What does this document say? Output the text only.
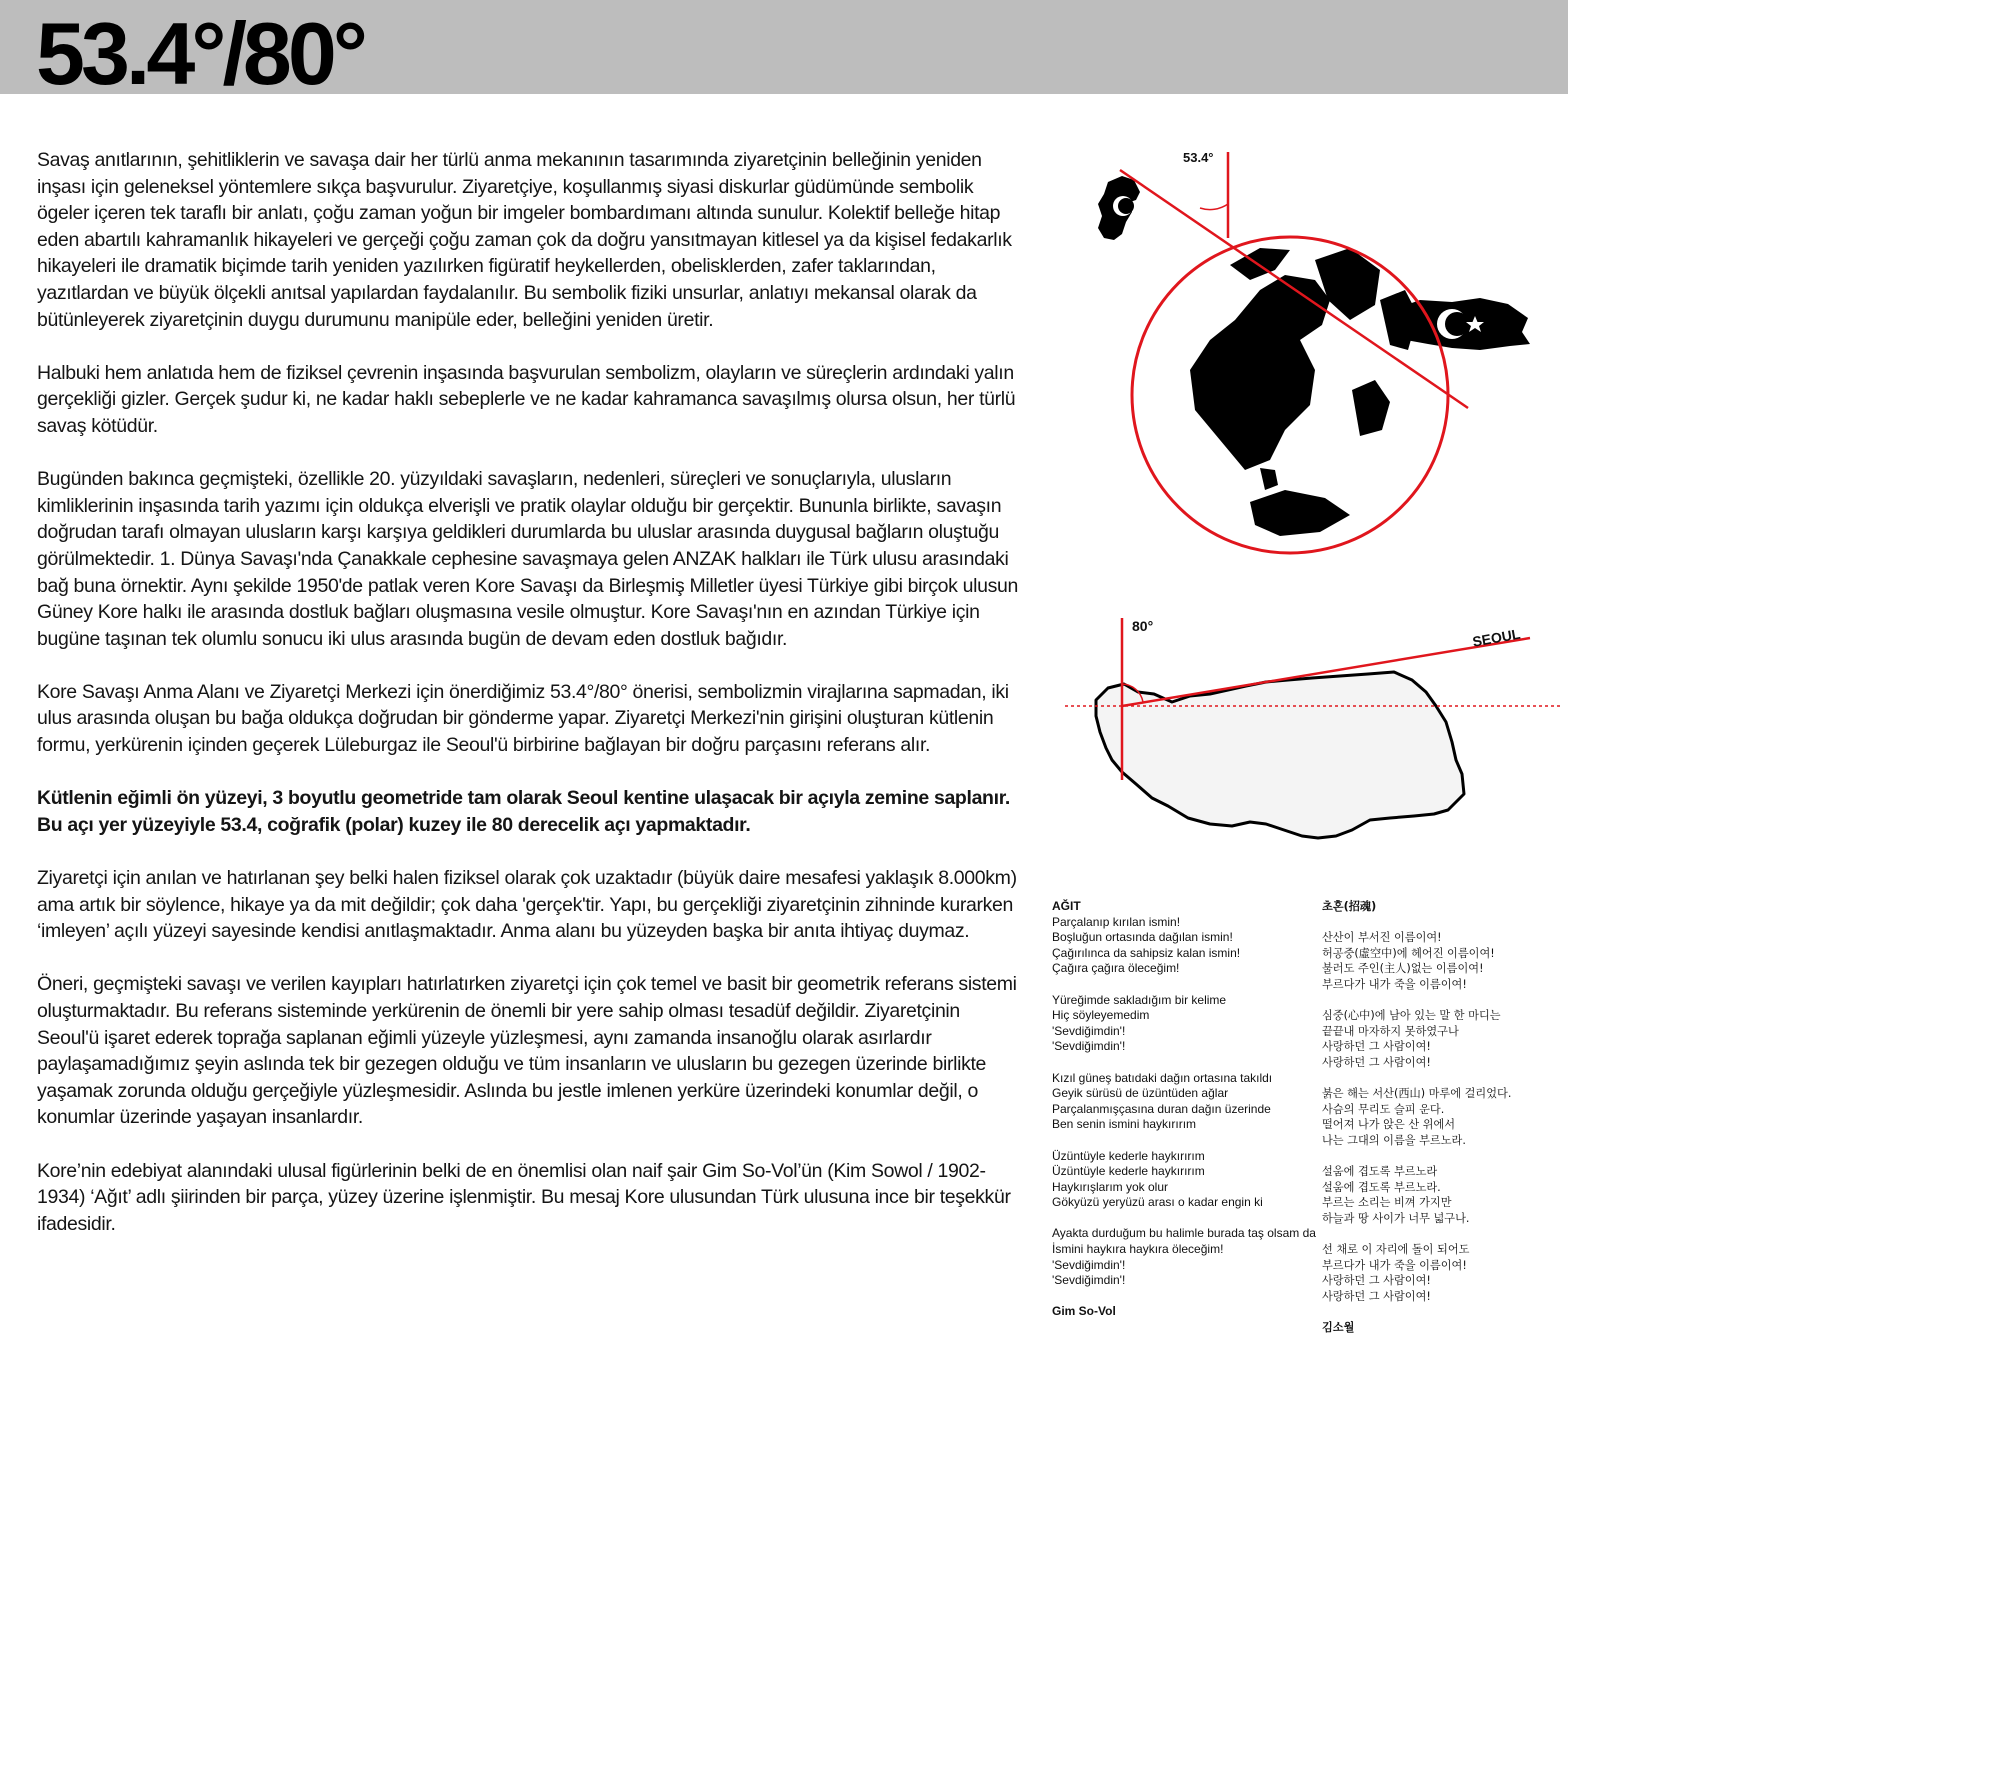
53.4°/80°

Savaş anıtlarının, şehitliklerin ve savaşa dair her türlü anma mekanının tasarımında ziyaretçinin belleğinin yeniden inşası için geleneksel yöntemlere sıkça başvurulur. Ziyaretçiye, koşullanmış siyasi diskurlar güdümünde sembolik ögeler içeren tek taraflı bir anlatı, çoğu zaman yoğun bir imgeler bombardımanı altında sunulur. Kolektif belleğe hitap eden abartılı kahramanlık hikayeleri ve gerçeği çoğu zaman çok da doğru yansıtmayan kitlesel ya da kişisel fedakarlık hikayeleri ile dramatik biçimde tarih yeniden yazılırken figüratif heykellerden, obelisklerden, zafer taklarından, yazıtlardan ve büyük ölçekli anıtsal yapılardan faydalanılır. Bu sembolik fiziki unsurlar, anlatıyı mekansal olarak da bütünleyerek ziyaretçinin duygu durumunu manipüle eder, belleğini yeniden üretir.

Halbuki hem anlatıda hem de fiziksel çevrenin inşasında başvurulan sembolizm, olayların ve süreçlerin ardındaki yalın gerçekliği gizler. Gerçek şudur ki, ne kadar haklı sebeplerle ve ne kadar kahramanca savaşılmış olursa olsun, her türlü savaş kötüdür.

Bugünden bakınca geçmişteki, özellikle 20. yüzyıldaki savaşların, nedenleri, süreçleri ve sonuçlarıyla, ulusların kimliklerinin inşasında tarih yazımı için oldukça elverişli ve pratik olaylar olduğu bir gerçektir. Bununla birlikte, savaşın doğrudan tarafı olmayan ulusların karşı karşıya geldikleri durumlarda bu uluslar arasında duygusal bağların oluştuğu görülmektedir. 1. Dünya Savaşı'nda Çanakkale cephesine savaşmaya gelen ANZAK halkları ile Türk ulusu arasındaki bağ buna örnektir. Aynı şekilde 1950'de patlak veren Kore Savaşı da Birleşmiş Milletler üyesi Türkiye gibi birçok ulusun Güney Kore halkı ile arasında dostluk bağları oluşmasına vesile olmuştur. Kore Savaşı'nın en azından Türkiye için bugüne taşınan tek olumlu sonucu iki ulus arasında bugün de devam eden dostluk bağıdır.

Kore Savaşı Anma Alanı ve Ziyaretçi Merkezi için önerdiğimiz 53.4°/80° önerisi, sembolizmin virajlarına sapmadan, iki ulus arasında oluşan bu bağa oldukça doğrudan bir gönderme yapar. Ziyaretçi Merkezi'nin girişini oluşturan kütlenin formu, yerkürenin içinden geçerek Lüleburgaz ile Seoul'ü birbirine bağlayan bir doğru parçasını referans alır.

Kütlenin eğimli ön yüzeyi, 3 boyutlu geometride tam olarak Seoul kentine ulaşacak bir açıyla zemine saplanır. Bu açı yer yüzeyiyle 53.4, coğrafik (polar) kuzey ile 80 derecelik açı yapmaktadır.

Ziyaretçi için anılan ve hatırlanan şey belki halen fiziksel olarak çok uzaktadır (büyük daire mesafesi yaklaşık 8.000km) ama artık bir söylence, hikaye ya da mit değildir; çok daha 'gerçek'tir. Yapı, bu gerçekliği ziyaretçinin zihninde kurarken ‘imleyen’ açılı yüzeyi sayesinde kendisi anıtlaşmaktadır. Anma alanı bu yüzeyden başka bir anıta ihtiyaç duymaz.

Öneri, geçmişteki savaşı ve verilen kayıpları hatırlatırken ziyaretçi için çok temel ve basit bir geometrik referans sistemi oluşturmaktadır. Bu referans sisteminde yerkürenin de önemli bir yere sahip olması tesadüf değildir. Ziyaretçinin Seoul'ü işaret ederek toprağa saplanan eğimli yüzeyle yüzleşmesi, aynı zamanda insanoğlu olarak asırlardır paylaşamadığımız şeyin aslında tek bir gezegen olduğu ve tüm insanların ve ulusların bu gezegen üzerinde birlikte yaşamak zorunda olduğu gerçeğiyle yüzleşmesidir. Aslında bu jestle imlenen yerküre üzerindeki konumlar değil, o konumlar üzerinde yaşayan insanlardır.

Kore’nin edebiyat alanındaki ulusal figürlerinin belki de en önemlisi olan naif şair Gim So-Vol’ün (Kim Sowol / 1902-1934) ‘Ağıt’ adlı şiirinden bir parça, yüzey üzerine işlenmiştir. Bu mesaj Kore ulusundan Türk ulusuna ince bir teşekkür ifadesidir.

53.4°
80°	SEOUL
AĞIT
Parçalanıp kırılan ismin!
Boşluğun ortasında dağılan ismin!
Çağırılınca da sahipsiz kalan ismin!
Çağıra çağıra öleceğim!
Yüreğimde sakladığım bir kelime
Hiç söyleyemedim
'Sevdiğimdin'!
'Sevdiğimdin'!
Kızıl güneş batıdaki dağın ortasına takıldı
Geyik sürüsü de üzüntüden ağlar
Parçalanmışçasına duran dağın üzerinde
Ben senin ismini haykırırım
Üzüntüyle kederle haykırırım
Üzüntüyle kederle haykırırım
Haykırışlarım yok olur
Gökyüzü yeryüzü arası o kadar engin ki
Ayakta durduğum bu halimle burada taş olsam da
İsmini haykıra haykıra öleceğim!
'Sevdiğimdin'!
'Sevdiğimdin'!
Gim So-Vol
초혼(招魂)
산산이 부서진 이름이여!
허공중(虛空中)에 헤어진 이름이여!
불러도 주인(主人)없는 이름이여!
부르다가 내가 죽을 이름이여!
심중(心中)에 남아 있는 말 한 마디는
끝끝내 마자하지 못하였구나
사랑하던 그 사람이여!
사랑하던 그 사람이여!
붉은 해는 서산(西山) 마루에 걸리었다.
사슴의 무리도 슬피 운다.
떨어져 나가 앉은 산 위에서
나는 그대의 이름을 부르노라.
설움에 겹도록 부르노라
설움에 겹도록 부르노라.
부르는 소리는 비껴 가지만
하늘과 땅 사이가 너무 넓구나.
선 채로 이 자리에 돌이 되어도
부르다가 내가 죽을 이름이여!
사랑하던 그 사람이여!
사랑하던 그 사람이여!
김소월
